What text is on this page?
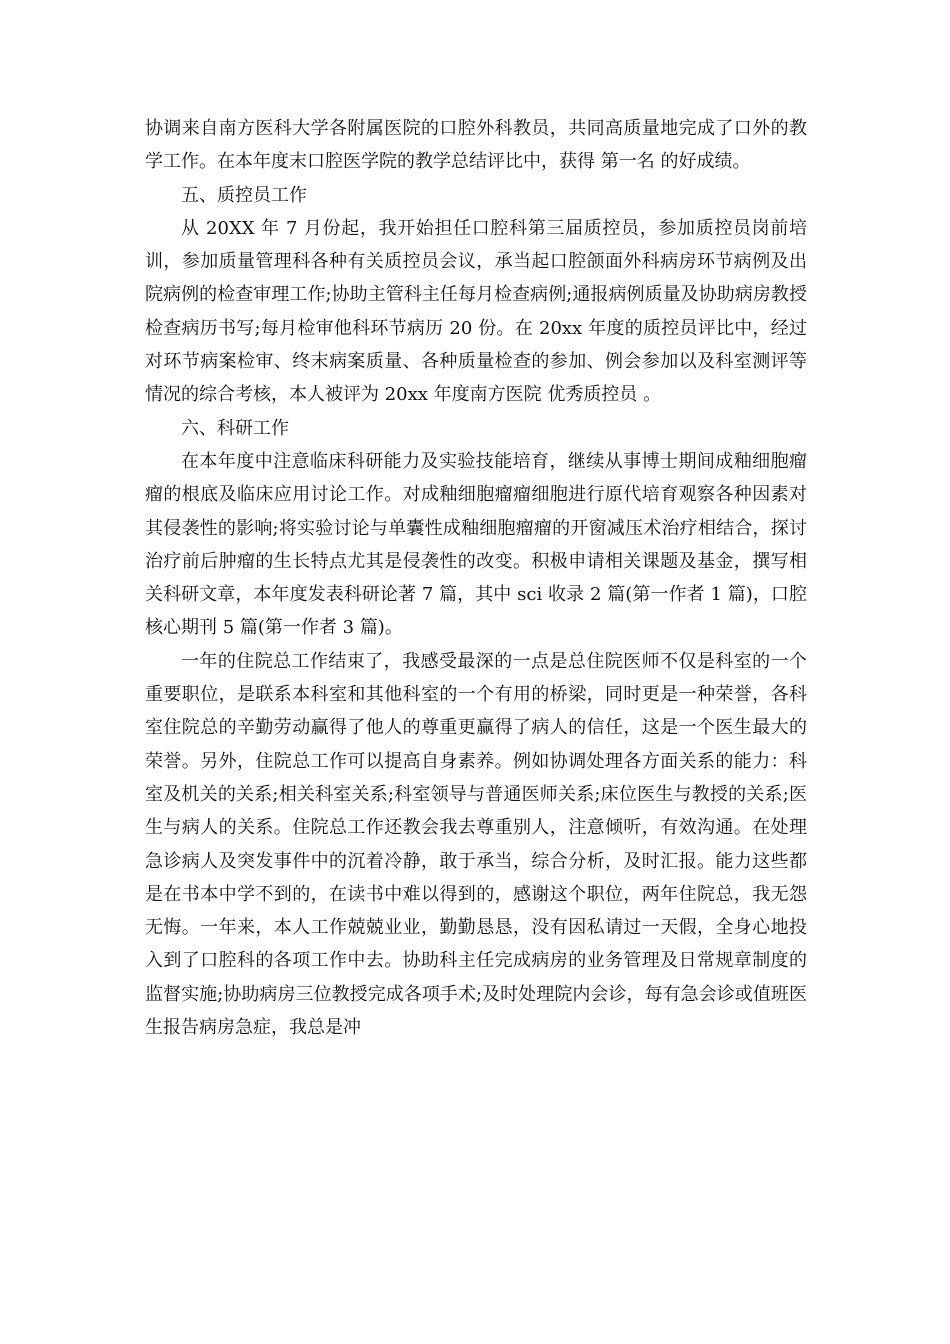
协调来自南方医科大学各附属医院的口腔外科教员，共同高质量地完成了口外的教学工作。在本年度末口腔医学院的教学总结评比中，获得 第一名 的好成绩。

五、质控员工作

从 20XX 年 7 月份起，我开始担任口腔科第三届质控员，参加质控员岗前培训，参加质量管理科各种有关质控员会议，承当起口腔颌面外科病房环节病例及出院病例的检查审理工作;协助主管科主任每月检查病例;通报病例质量及协助病房教授检查病历书写;每月检审他科环节病历 20 份。在 20xx 年度的质控员评比中，经过对环节病案检审、终末病案质量、各种质量检查的参加、例会参加以及科室测评等情况的综合考核，本人被评为 20xx 年度南方医院 优秀质控员 。

六、科研工作

在本年度中注意临床科研能力及实验技能培育，继续从事博士期间成釉细胞瘤瘤的根底及临床应用讨论工作。对成釉细胞瘤瘤细胞进行原代培育观察各种因素对其侵袭性的影响;将实验讨论与单囊性成釉细胞瘤瘤的开窗减压术治疗相结合，探讨治疗前后肿瘤的生长特点尤其是侵袭性的改变。积极申请相关课题及基金，撰写相关科研文章，本年度发表科研论著 7 篇，其中 sci 收录 2 篇(第一作者 1 篇)，口腔核心期刊 5 篇(第一作者 3 篇)。

一年的住院总工作结束了，我感受最深的一点是总住院医师不仅是科室的一个重要职位，是联系本科室和其他科室的一个有用的桥梁，同时更是一种荣誉，各科室住院总的辛勤劳动赢得了他人的尊重更赢得了病人的信任，这是一个医生最大的荣誉。另外，住院总工作可以提高自身素养。例如协调处理各方面关系的能力：科室及机关的关系;相关科室关系;科室领导与普通医师关系;床位医生与教授的关系;医生与病人的关系。住院总工作还教会我去尊重别人，注意倾听，有效沟通。在处理急诊病人及突发事件中的沉着冷静，敢于承当，综合分析，及时汇报。能力这些都是在书本中学不到的，在读书中难以得到的，感谢这个职位，两年住院总，我无怨无悔。一年来，本人工作兢兢业业，勤勤恳恳，没有因私请过一天假，全身心地投入到了口腔科的各项工作中去。协助科主任完成病房的业务管理及日常规章制度的监督实施;协助病房三位教授完成各项手术;及时处理院内会诊，每有急会诊或值班医生报告病房急症，我总是冲
